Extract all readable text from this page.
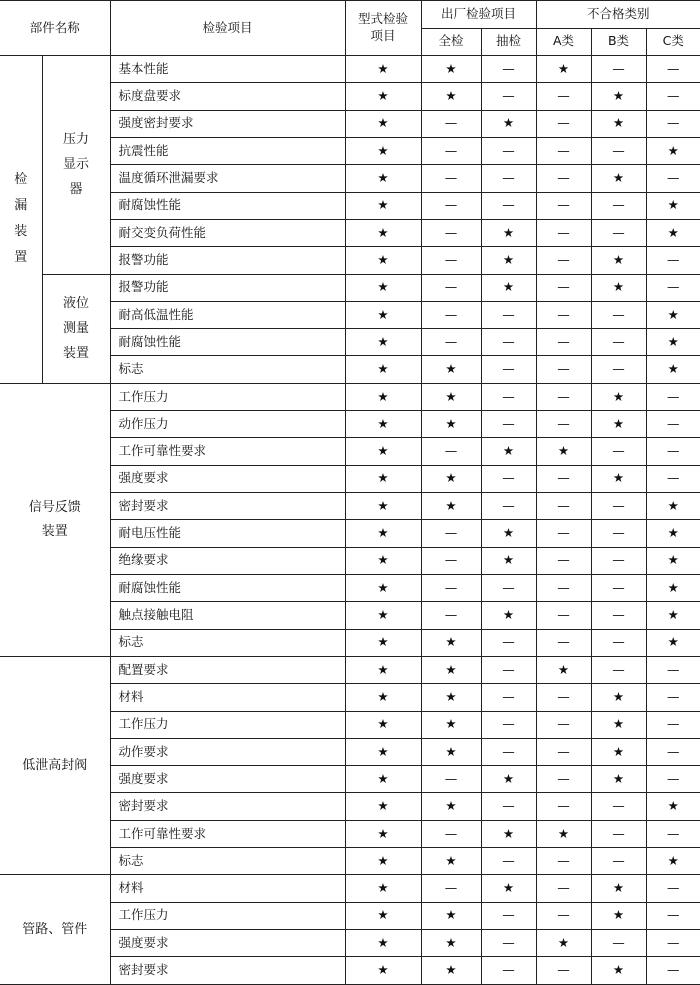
部件名称		检验项目	型式检验项目	出厂检验项目		不合格类别		
				全检	抽检	A类	B类	C类
检漏装置	压力显示器	基本性能	★	★	—	★	—	—
		标度盘要求	★	★	—	—	★	—
		强度密封要求	★	—	★	—	★	—
		抗震性能	★	—	—	—	—	★
		温度循环泄漏要求	★	—	—	—	★	—
		耐腐蚀性能	★	—	—	—	—	★
		耐交变负荷性能	★	—	★	—	—	★
		报警功能	★	—	★	—	★	—
	液位测量装置	报警功能	★	—	★	—	★	—
		耐高低温性能	★	—	—	—	—	★
		耐腐蚀性能	★	—	—	—	—	★
		标志	★	★	—	—	—	★
信号反馈装置		工作压力	★	★	—	—	★	—
		动作压力	★	★	—	—	★	—
		工作可靠性要求	★	—	★	★	—	—
		强度要求	★	★	—	—	★	—
		密封要求	★	★	—	—	—	★
		耐电压性能	★	—	★	—	—	★
		绝缘要求	★	—	★	—	—	★
		耐腐蚀性能	★	—	—	—	—	★
		触点接触电阻	★	—	★	—	—	★
		标志	★	★	—	—	—	★
低泄高封阀		配置要求	★	★	—	★	—	—
		材料	★	★	—	—	★	—
		工作压力	★	★	—	—	★	—
		动作要求	★	★	—	—	★	—
		强度要求	★	—	★	—	★	—
		密封要求	★	★	—	—	—	★
		工作可靠性要求	★	—	★	★	—	—
		标志	★	★	—	—	—	★
管路、管件		材料	★	—	★	—	★	—
		工作压力	★	★	—	—	★	—
		强度要求	★	★	—	★	—	—
		密封要求	★	★	—	—	★	—
